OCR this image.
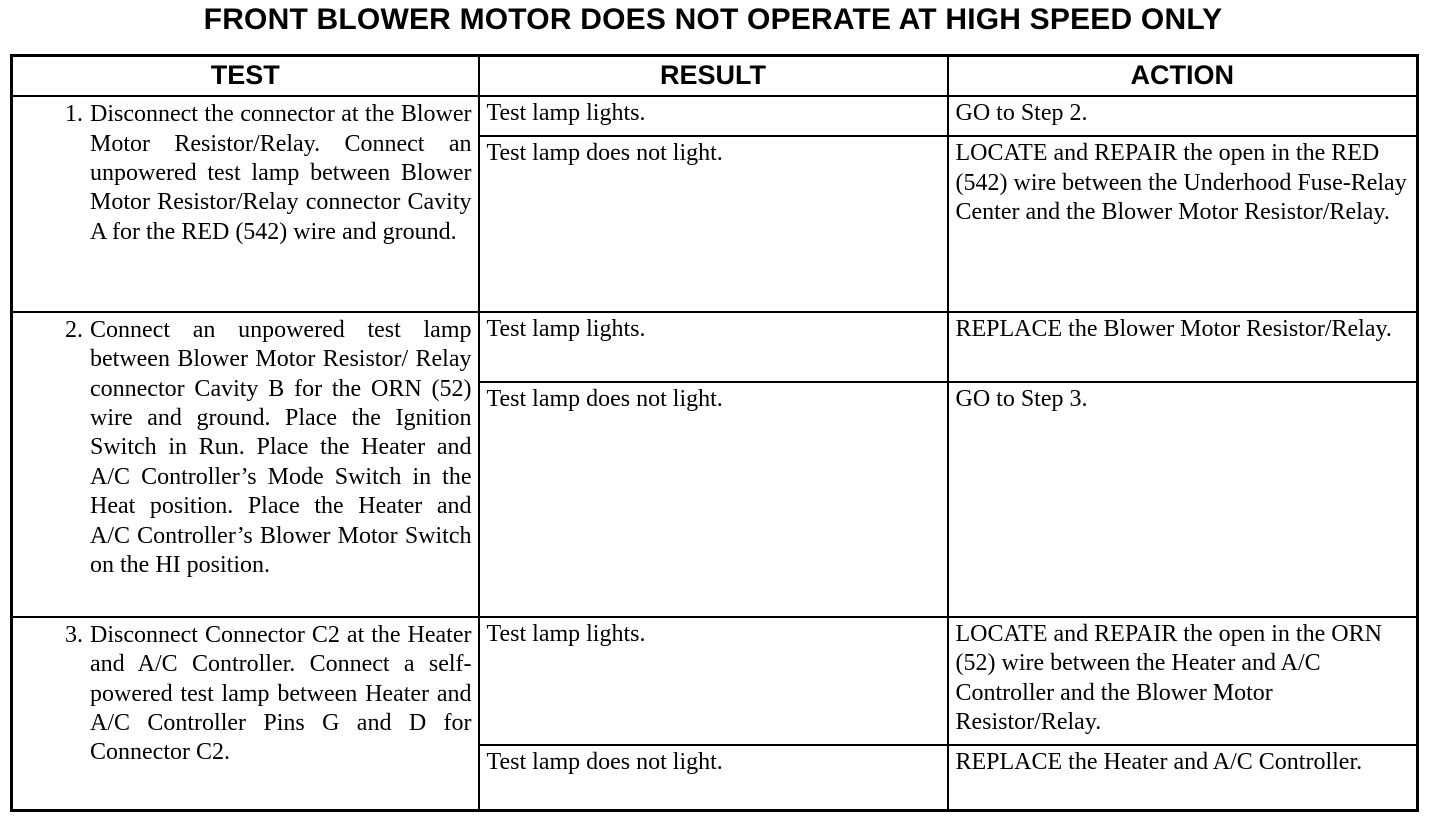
FRONT BLOWER MOTOR DOES NOT OPERATE AT HIGH SPEED ONLY
TEST	RESULT	ACTION

1. Disconnect the connector at the Blower Motor Resistor/Relay. Connect an unpowered test lamp between Blower Motor Resistor/Relay connector Cavity A for the RED (542) wire and ground.	Test lamp lights.	GO to Step 2.
	Test lamp does not light.	LOCATE and REPAIR the open in the RED (542) wire between the Underhood Fuse-Relay Center and the Blower Motor Resistor/Relay.

2. Connect an unpowered test lamp between Blower Motor Resistor/ Relay connector Cavity B for the ORN (52) wire and ground. Place the Ignition Switch in Run. Place the Heater and A/C Controller’s Mode Switch in the Heat position. Place the Heater and A/C Controller’s Blower Motor Switch on the HI position.	Test lamp lights.	REPLACE the Blower Motor Resistor/Relay.
	Test lamp does not light.	GO to Step 3.

3. Disconnect Connector C2 at the Heater and A/C Controller. Connect a self-powered test lamp between Heater and A/C Controller Pins G and D for Connector C2.	Test lamp lights.	LOCATE and REPAIR the open in the ORN (52) wire between the Heater and A/C Controller and the Blower Motor Resistor/Relay.
	Test lamp does not light.	REPLACE the Heater and A/C Controller.
